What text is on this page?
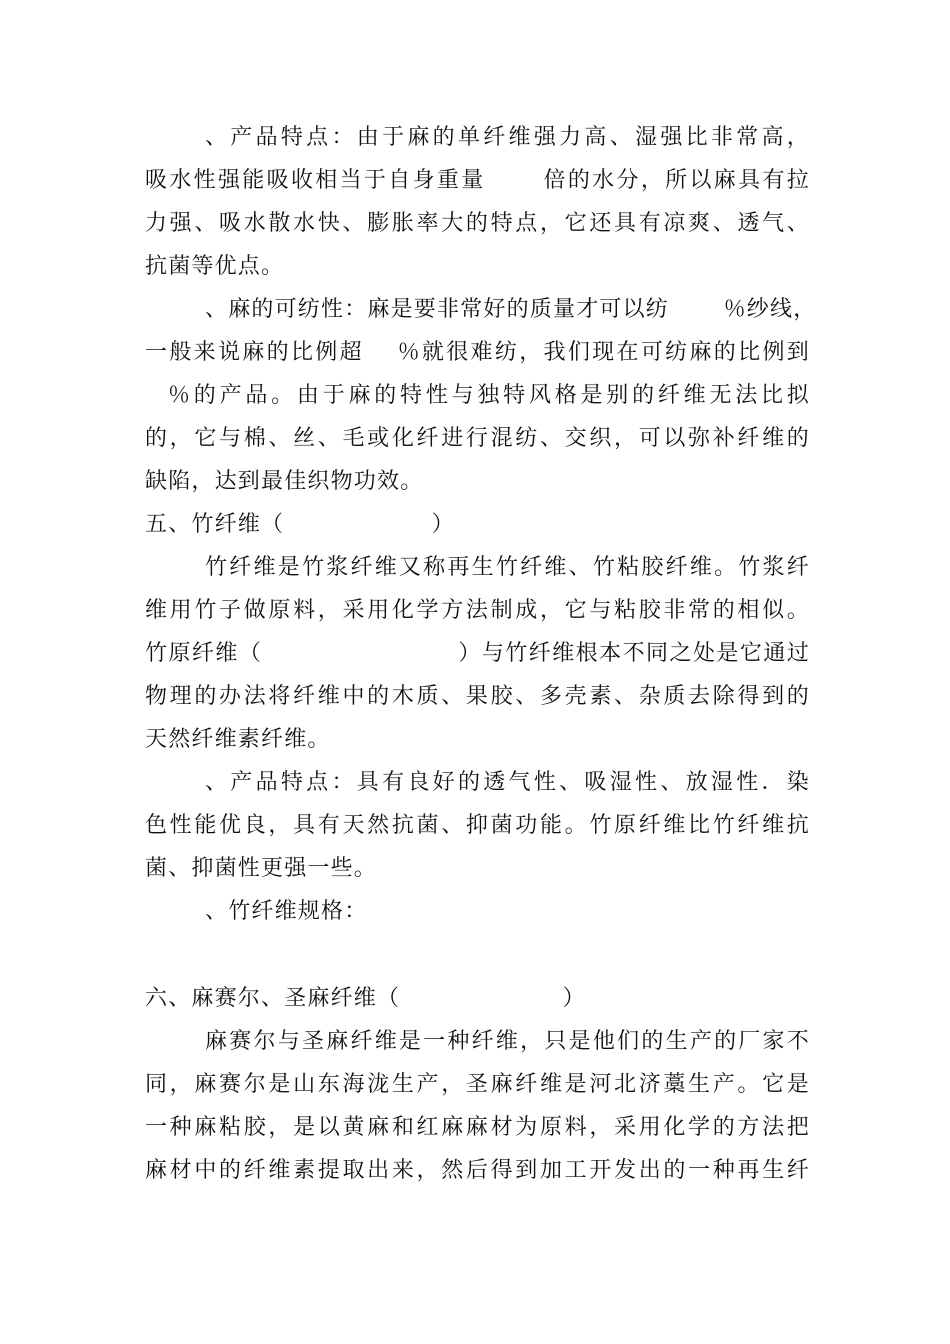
、产品特点：由于麻的单纤维强力高、湿强比非常高，
吸水性强能吸收相当于自身重量　　 倍的水分，所以麻具有拉
力强、吸水散水快、膨胀率大的特点，它还具有凉爽、透气、
抗菌等优点。
、麻的可纺性：麻是要非常好的质量才可以纺　　 ％纱线，
一般来说麻的比例超　 ％就很难纺，我们现在可纺麻的比例到
％的产品。由于麻的特性与独特风格是别的纤维无法比拟
的，它与棉、丝、毛或化纤进行混纺、交织，可以弥补纤维的
缺陷，达到最佳织物功效。
五、竹纤维（　　　　　　 ）
竹纤维是竹浆纤维又称再生竹纤维、竹粘胶纤维。竹浆纤
维用竹子做原料，采用化学方法制成，它与粘胶非常的相似。
竹原纤维（　　　　　　　　 ）与竹纤维根本不同之处是它通过
物理的办法将纤维中的木质、果胶、多壳素、杂质去除得到的
天然纤维素纤维。
、产品特点：具有良好的透气性、吸湿性、放湿性．染
色性能优良，具有天然抗菌、抑菌功能。竹原纤维比竹纤维抗
菌、抑菌性更强一些。
、竹纤维规格：
六、麻赛尔、圣麻纤维（　　　　　　　）
麻赛尔与圣麻纤维是一种纤维，只是他们的生产的厂家不
同，麻赛尔是山东海泷生产，圣麻纤维是河北济藁生产。它是
一种麻粘胶，是以黄麻和红麻麻材为原料，采用化学的方法把
麻材中的纤维素提取出来，然后得到加工开发出的一种再生纤
